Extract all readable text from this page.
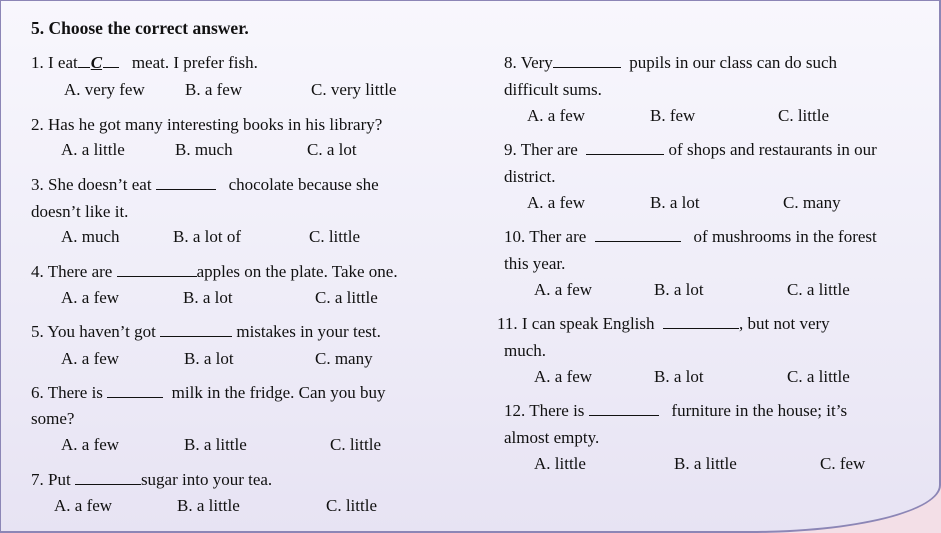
5. Choose the correct answer.
1. I eat C meat. I prefer fish.
A. very few B. a few	C. very little
2. Has he got many interesting books in his library?
A. a little	B. much	C. a lot
3. She doesn’t eat	chocolate because she
doesn’t like it.
A. much	B. a lot of	C. little
4. There are	apples on the plate. Take one.
A. a few	B. a lot	C. a little
5. You haven’t got	mistakes in your test.
A. a few	B. a lot	C. many
6. There is	milk in the fridge. Can you buy
some?
A. a few	B. a little	C. little
7. Put	sugar into your tea.
A. a few	B. a little	C. little
8. Very	pupils in our class can do such
difficult sums.
A. a few	B. few	C. little
9. Ther are	of shops and restaurants in our
district.
A. a few	B. a lot	C. many
10. Ther are	of mushrooms in the forest
this year.
A. a few	B. a lot	C. a little
11. I can speak English	, but not very
much.
A. a few	B. a lot	C. a little
12. There is	furniture in the house; it’s
almost empty.
A. little	B. a little	C. few
